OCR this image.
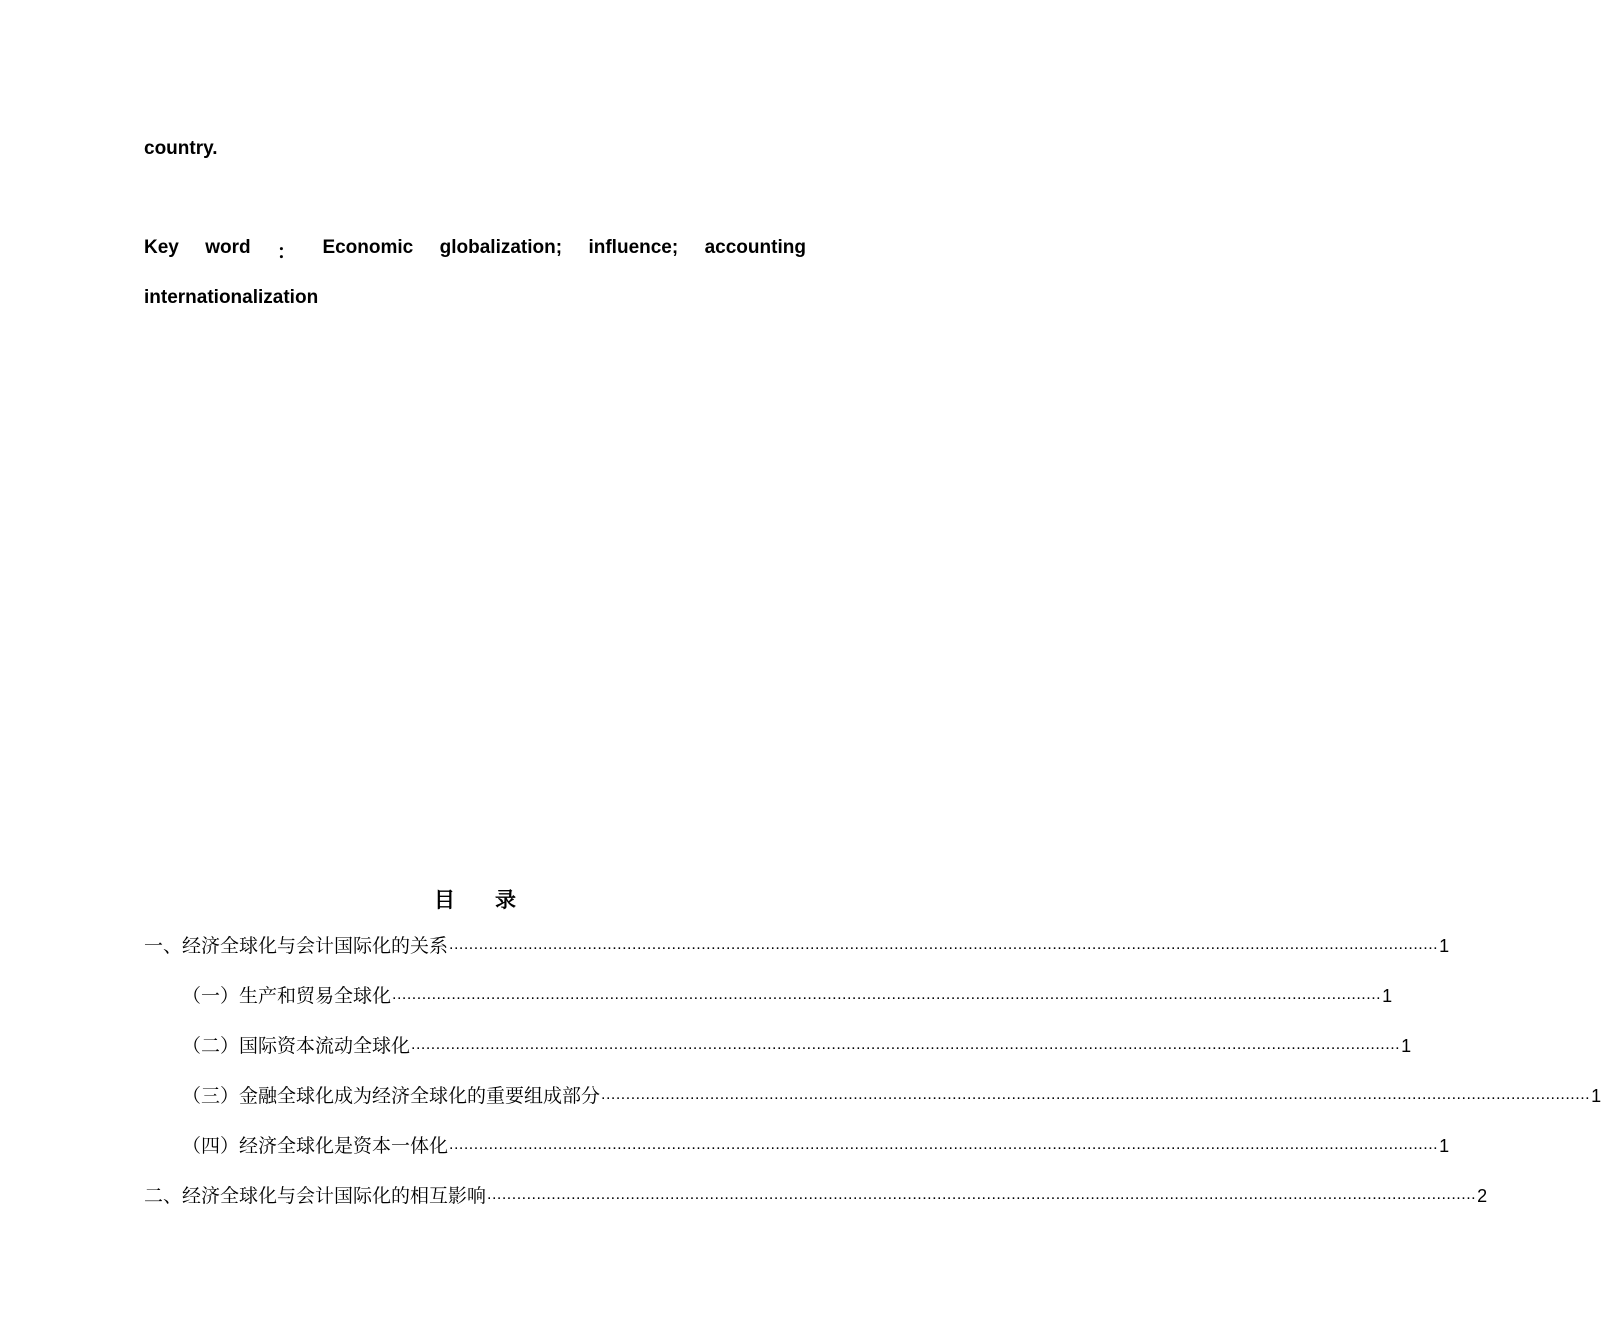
country.
Key word ： Economic globalization; influence; accounting
internationalization
目 录
一、经济全球化与会计国际化的关系 ........................................................................................................................................................................................................ 1
（一）生产和贸易全球化 ........................................................................................................................................................................................................ 1
（二）国际资本流动全球化 ........................................................................................................................................................................................................ 1
（三）金融全球化成为经济全球化的重要组成部分 ........................................................................................................................................................................................................ 1
（四）经济全球化是资本一体化 ........................................................................................................................................................................................................ 1
二、经济全球化与会计国际化的相互影响 ........................................................................................................................................................................................................ 2
